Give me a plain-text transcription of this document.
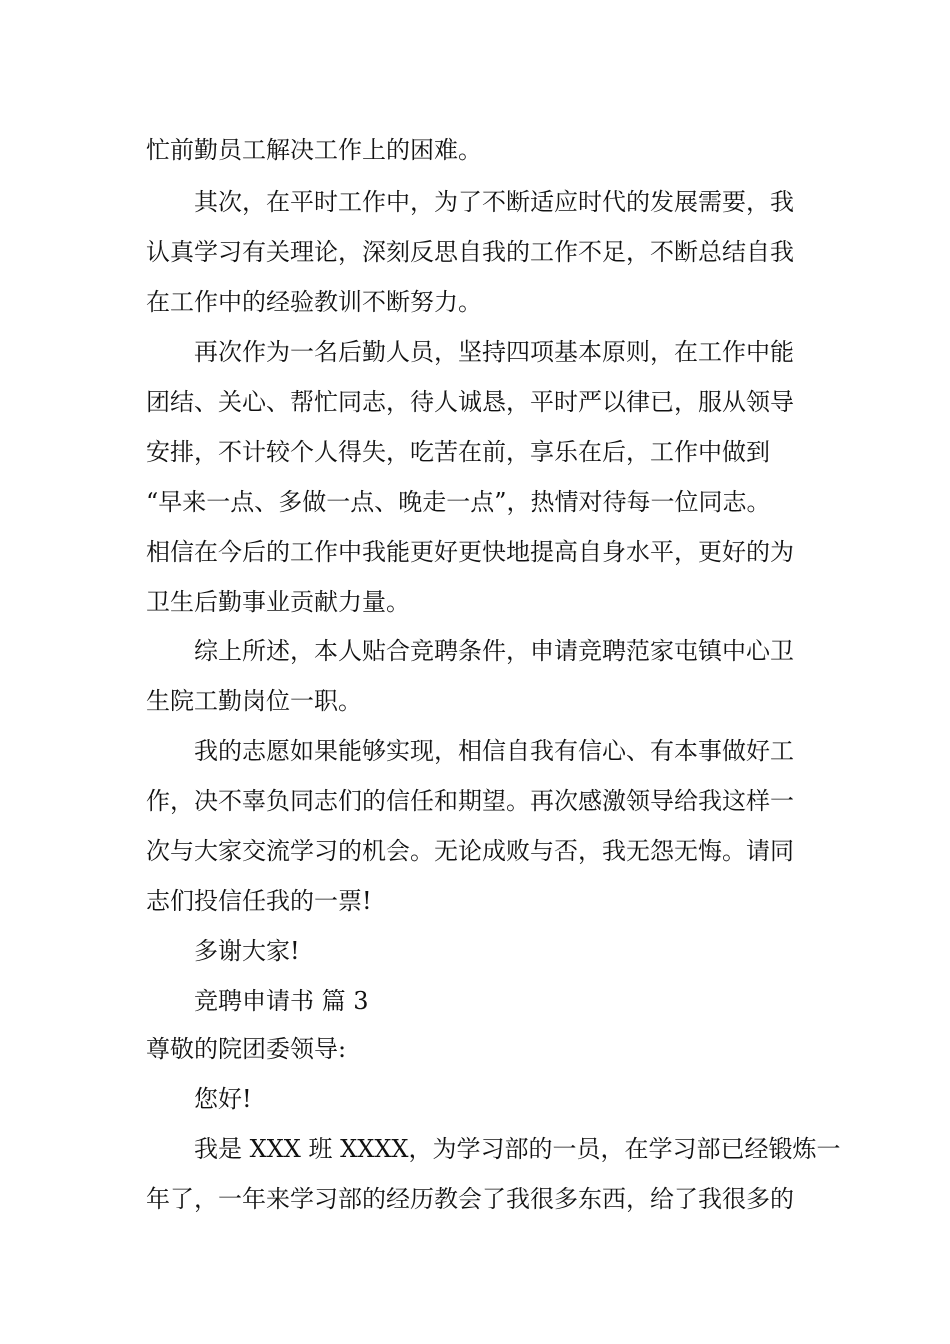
忙前勤员工解决工作上的困难。
其次，在平时工作中，为了不断适应时代的发展需要，我
认真学习有关理论，深刻反思自我的工作不足，不断总结自我
在工作中的经验教训不断努力。
再次作为一名后勤人员，坚持四项基本原则，在工作中能
团结、关心、帮忙同志，待人诚恳，平时严以律已，服从领导
安排，不计较个人得失，吃苦在前，享乐在后，工作中做到
“早来一点、多做一点、晚走一点”，热情对待每一位同志。
相信在今后的工作中我能更好更快地提高自身水平，更好的为
卫生后勤事业贡献力量。
综上所述，本人贴合竞聘条件，申请竞聘范家屯镇中心卫
生院工勤岗位一职。
我的志愿如果能够实现，相信自我有信心、有本事做好工
作，决不辜负同志们的信任和期望。再次感激领导给我这样一
次与大家交流学习的机会。无论成败与否，我无怨无悔。请同
志们投信任我的一票!
多谢大家!
竞聘申请书 篇 3
尊敬的院团委领导:
您好!
我是 XXX 班 XXXX，为学习部的一员，在学习部已经锻炼一
年了，一年来学习部的经历教会了我很多东西，给了我很多的
